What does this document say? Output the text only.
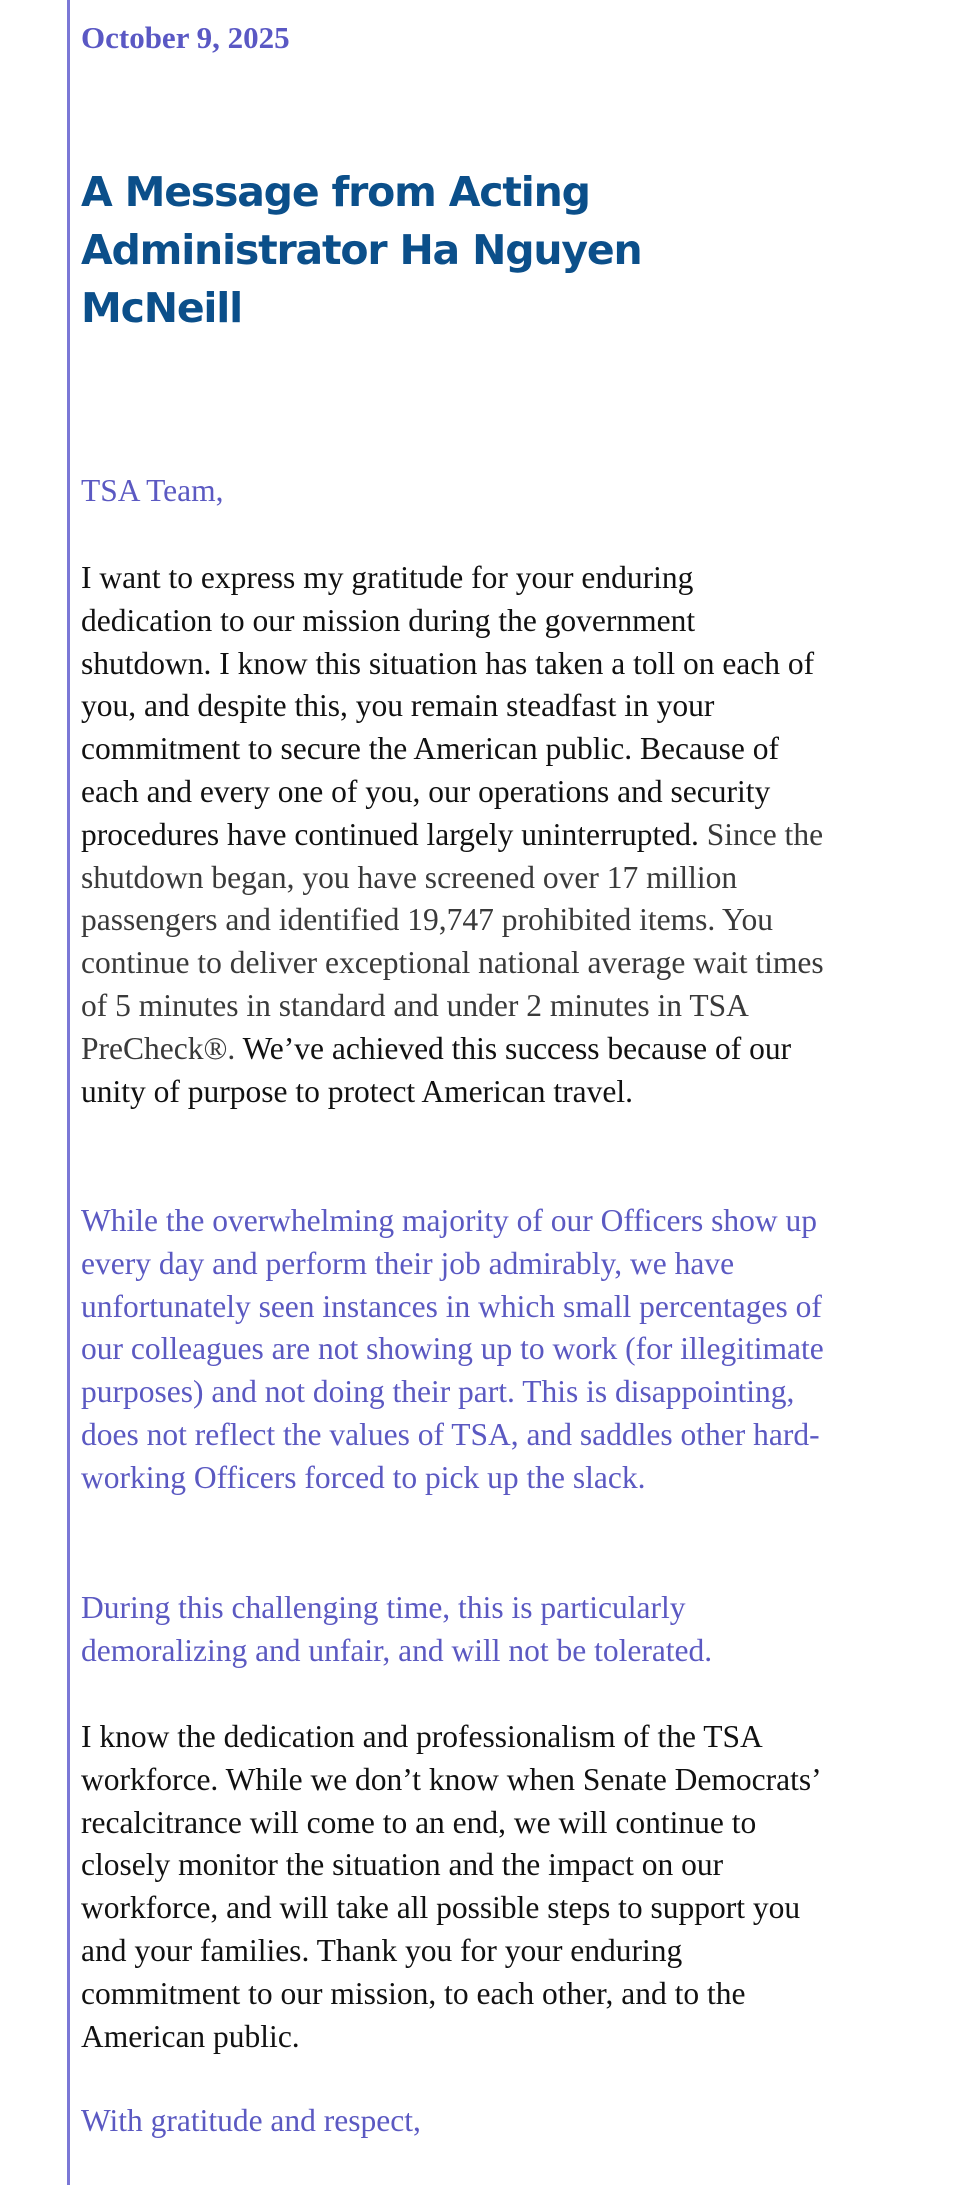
October 9, 2025
A Message from Acting Administrator Ha Nguyen McNeill

TSA Team,

I want to express my gratitude for your enduring dedication to our mission during the government shutdown. I know this situation has taken a toll on each of you, and despite this, you remain steadfast in your commitment to secure the American public. Because of each and every one of you, our operations and security procedures have continued largely uninterrupted. Since the shutdown began, you have screened over 17 million passengers and identified 19,747 prohibited items. You continue to deliver exceptional national average wait times of 5 minutes in standard and under 2 minutes in TSA PreCheck®. We’ve achieved this success because of our unity of purpose to protect American travel.

While the overwhelming majority of our Officers show up every day and perform their job admirably, we have unfortunately seen instances in which small percentages of our colleagues are not showing up to work (for illegitimate purposes) and not doing their part. This is disappointing, does not reflect the values of TSA, and saddles other hard-working Officers forced to pick up the slack.

During this challenging time, this is particularly demoralizing and unfair, and will not be tolerated.

I know the dedication and professionalism of the TSA workforce. While we don’t know when Senate Democrats’ recalcitrance will come to an end, we will continue to closely monitor the situation and the impact on our workforce, and will take all possible steps to support you and your families. Thank you for your enduring commitment to our mission, to each other, and to the American public.

With gratitude and respect,
